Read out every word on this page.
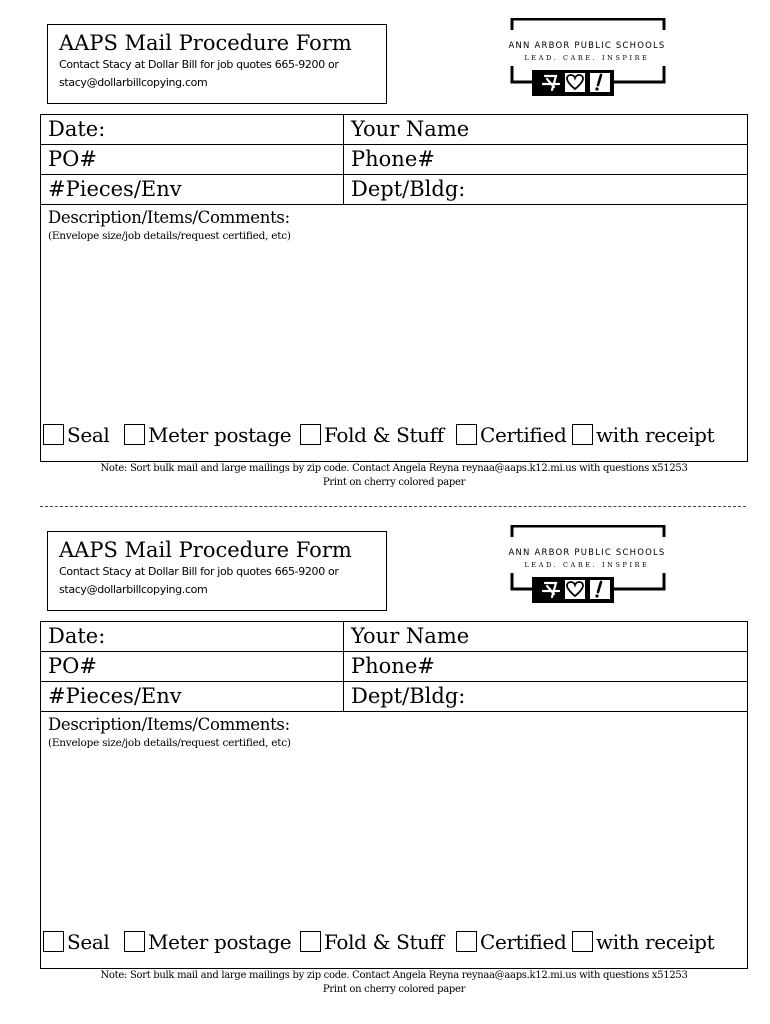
AAPS Mail Procedure Form
Contact Stacy at Dollar Bill for job quotes 665-9200 or
stacy@dollarbillcopying.com
ANN ARBOR PUBLIC SCHOOLS
LEAD. CARE. INSPIRE
Date:	Your Name
PO#	Phone#
#Pieces/Env	Dept/Bldg:
Description/Items/Comments:
(Envelope size/job details/request certified, etc)
Seal Meter postage Fold & Stuff Certified with receipt
Note: Sort bulk mail and large mailings by zip code. Contact Angela Reyna reynaa@aaps.k12.mi.us with questions x51253
Print on cherry colored paper
AAPS Mail Procedure Form
Contact Stacy at Dollar Bill for job quotes 665-9200 or
stacy@dollarbillcopying.com
ANN ARBOR PUBLIC SCHOOLS
LEAD. CARE. INSPIRE
Date:	Your Name
PO#	Phone#
#Pieces/Env	Dept/Bldg:
Description/Items/Comments:
(Envelope size/job details/request certified, etc)
Seal Meter postage Fold & Stuff Certified with receipt
Note: Sort bulk mail and large mailings by zip code. Contact Angela Reyna reynaa@aaps.k12.mi.us with questions x51253
Print on cherry colored paper
